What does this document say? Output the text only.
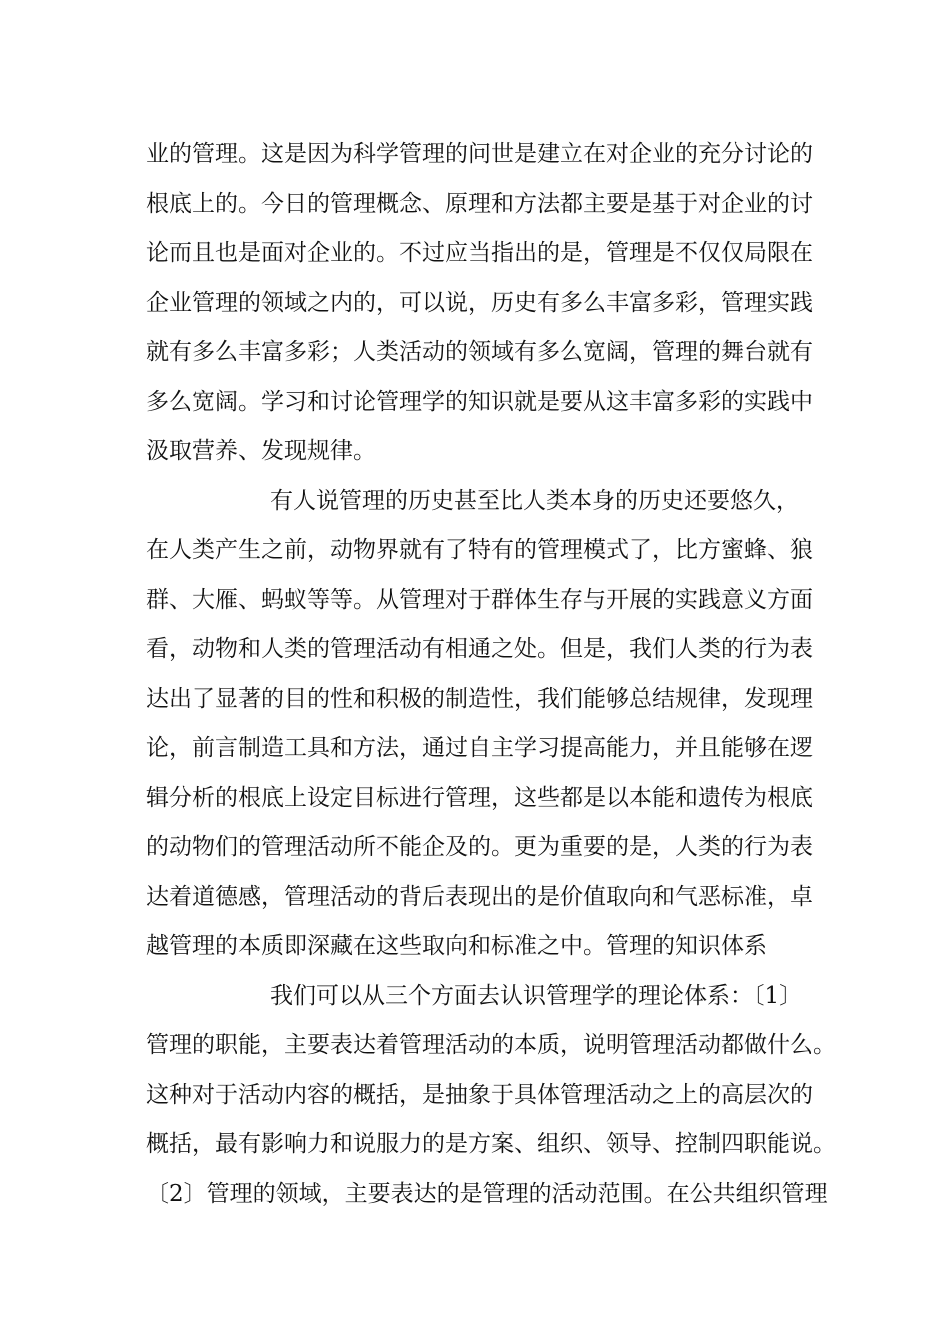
业的管理。这是因为科学管理的问世是建立在对企业的充分讨论的
根底上的。今日的管理概念、原理和方法都主要是基于对企业的讨
论而且也是面对企业的。不过应当指出的是，管理是不仅仅局限在
企业管理的领域之内的，可以说，历史有多么丰富多彩，管理实践
就有多么丰富多彩；人类活动的领域有多么宽阔，管理的舞台就有
多么宽阔。学习和讨论管理学的知识就是要从这丰富多彩的实践中
汲取营养、发现规律。
有人说管理的历史甚至比人类本身的历史还要悠久，
在人类产生之前，动物界就有了特有的管理模式了，比方蜜蜂、狼
群、大雁、蚂蚁等等。从管理对于群体生存与开展的实践意义方面
看，动物和人类的管理活动有相通之处。但是，我们人类的行为表
达出了显著的目的性和积极的制造性，我们能够总结规律，发现理
论，前言制造工具和方法，通过自主学习提高能力，并且能够在逻
辑分析的根底上设定目标进行管理，这些都是以本能和遗传为根底
的动物们的管理活动所不能企及的。更为重要的是，人类的行为表
达着道德感，管理活动的背后表现出的是价值取向和气恶标准，卓
越管理的本质即深藏在这些取向和标准之中。管理的知识体系
我们可以从三个方面去认识管理学的理论体系：〔1〕
管理的职能，主要表达着管理活动的本质，说明管理活动都做什么。
这种对于活动内容的概括，是抽象于具体管理活动之上的高层次的
概括，最有影响力和说服力的是方案、组织、领导、控制四职能说。
〔2〕管理的领域，主要表达的是管理的活动范围。在公共组织管理
